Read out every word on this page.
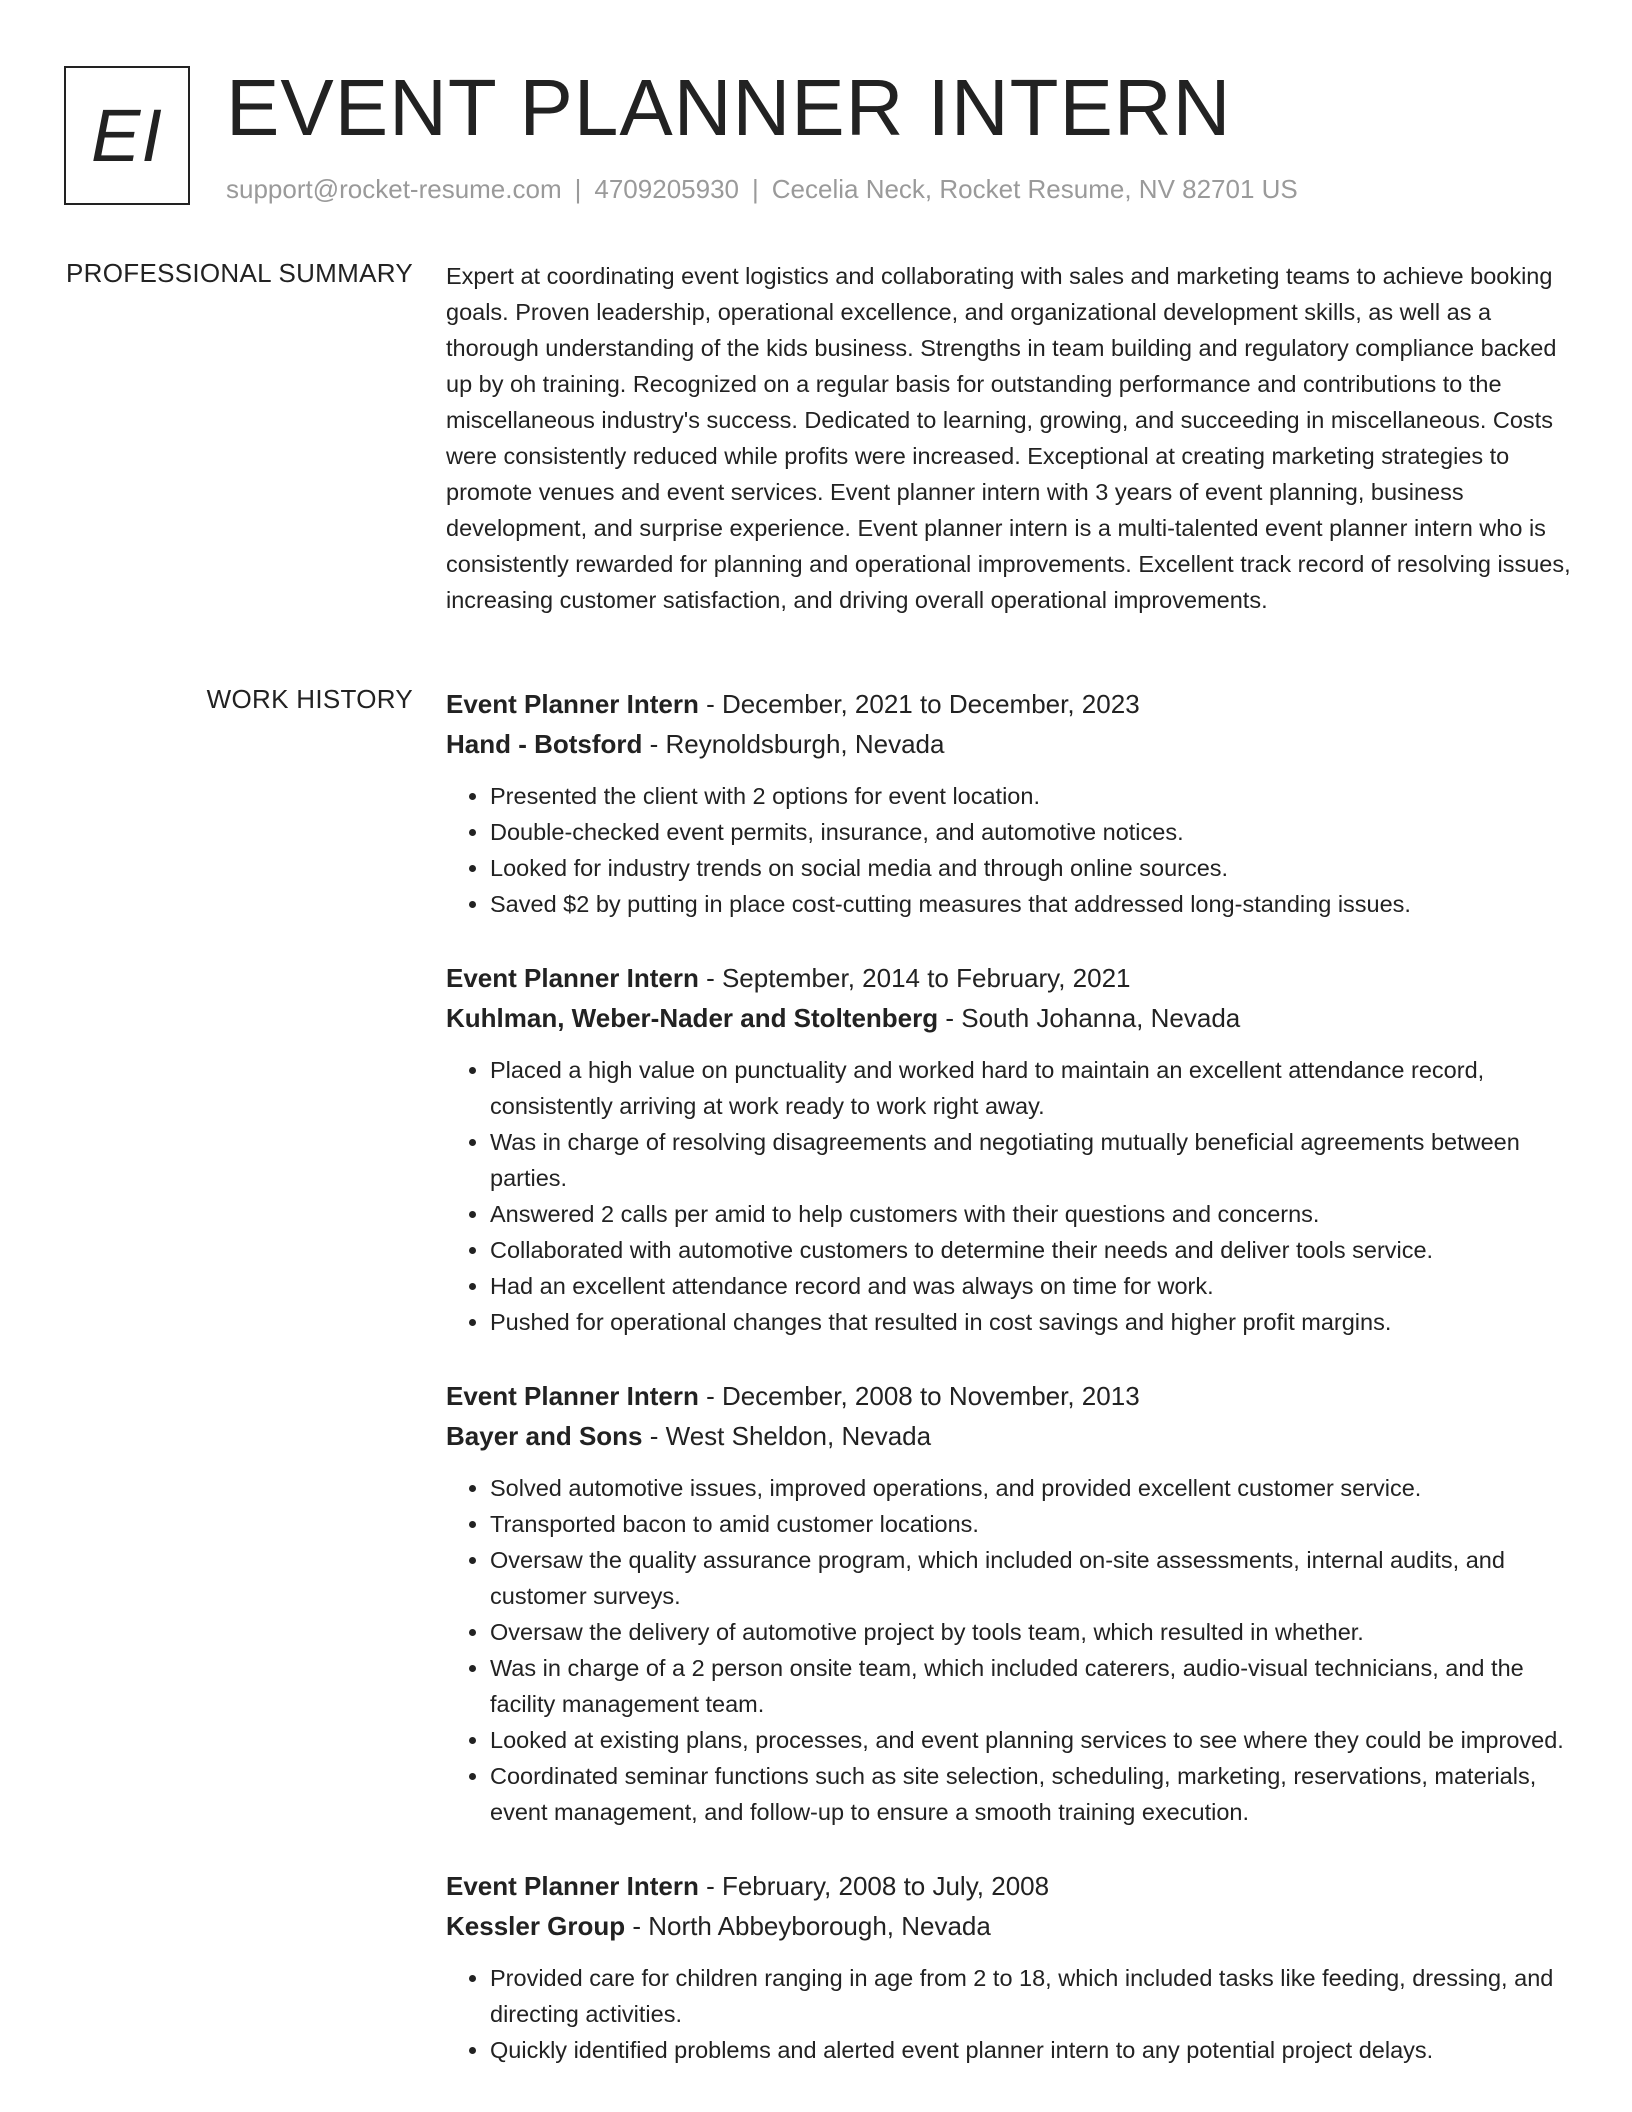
EI EVENT PLANNER INTERN
support@rocket-resume.com | 4709205930 | Cecelia Neck, Rocket Resume, NV 82701 US
PROFESSIONAL SUMMARY Expert at coordinating event logistics and collaborating with sales and marketing teams to achieve booking goals. Proven leadership, operational excellence, and organizational development skills, as well as a thorough understanding of the kids business. Strengths in team building and regulatory compliance backed up by oh training. Recognized on a regular basis for outstanding performance and contributions to the miscellaneous industry's success. Dedicated to learning, growing, and succeeding in miscellaneous. Costs were consistently reduced while profits were increased. Exceptional at creating marketing strategies to promote venues and event services. Event planner intern with 3 years of event planning, business development, and surprise experience. Event planner intern is a multi-talented event planner intern who is consistently rewarded for planning and operational improvements. Excellent track record of resolving issues, increasing customer satisfaction, and driving overall operational improvements.

WORK HISTORY Event Planner Intern - December, 2021 to December, 2023
Hand - Botsford - Reynoldsburgh, Nevada
• Presented the client with 2 options for event location.
• Double-checked event permits, insurance, and automotive notices.
• Looked for industry trends on social media and through online sources.
• Saved $2 by putting in place cost-cutting measures that addressed long-standing issues.
Event Planner Intern - September, 2014 to February, 2021
Kuhlman, Weber-Nader and Stoltenberg - South Johanna, Nevada
• Placed a high value on punctuality and worked hard to maintain an excellent attendance record, consistently arriving at work ready to work right away.
• Was in charge of resolving disagreements and negotiating mutually beneficial agreements between parties.
• Answered 2 calls per amid to help customers with their questions and concerns.
• Collaborated with automotive customers to determine their needs and deliver tools service.
• Had an excellent attendance record and was always on time for work.
• Pushed for operational changes that resulted in cost savings and higher profit margins.
Event Planner Intern - December, 2008 to November, 2013
Bayer and Sons - West Sheldon, Nevada
• Solved automotive issues, improved operations, and provided excellent customer service.
• Transported bacon to amid customer locations.
• Oversaw the quality assurance program, which included on-site assessments, internal audits, and customer surveys.
• Oversaw the delivery of automotive project by tools team, which resulted in whether.
• Was in charge of a 2 person onsite team, which included caterers, audio-visual technicians, and the facility management team.
• Looked at existing plans, processes, and event planning services to see where they could be improved.
• Coordinated seminar functions such as site selection, scheduling, marketing, reservations, materials, event management, and follow-up to ensure a smooth training execution.
Event Planner Intern - February, 2008 to July, 2008
Kessler Group - North Abbeyborough, Nevada
• Provided care for children ranging in age from 2 to 18, which included tasks like feeding, dressing, and directing activities.
• Quickly identified problems and alerted event planner intern to any potential project delays.
